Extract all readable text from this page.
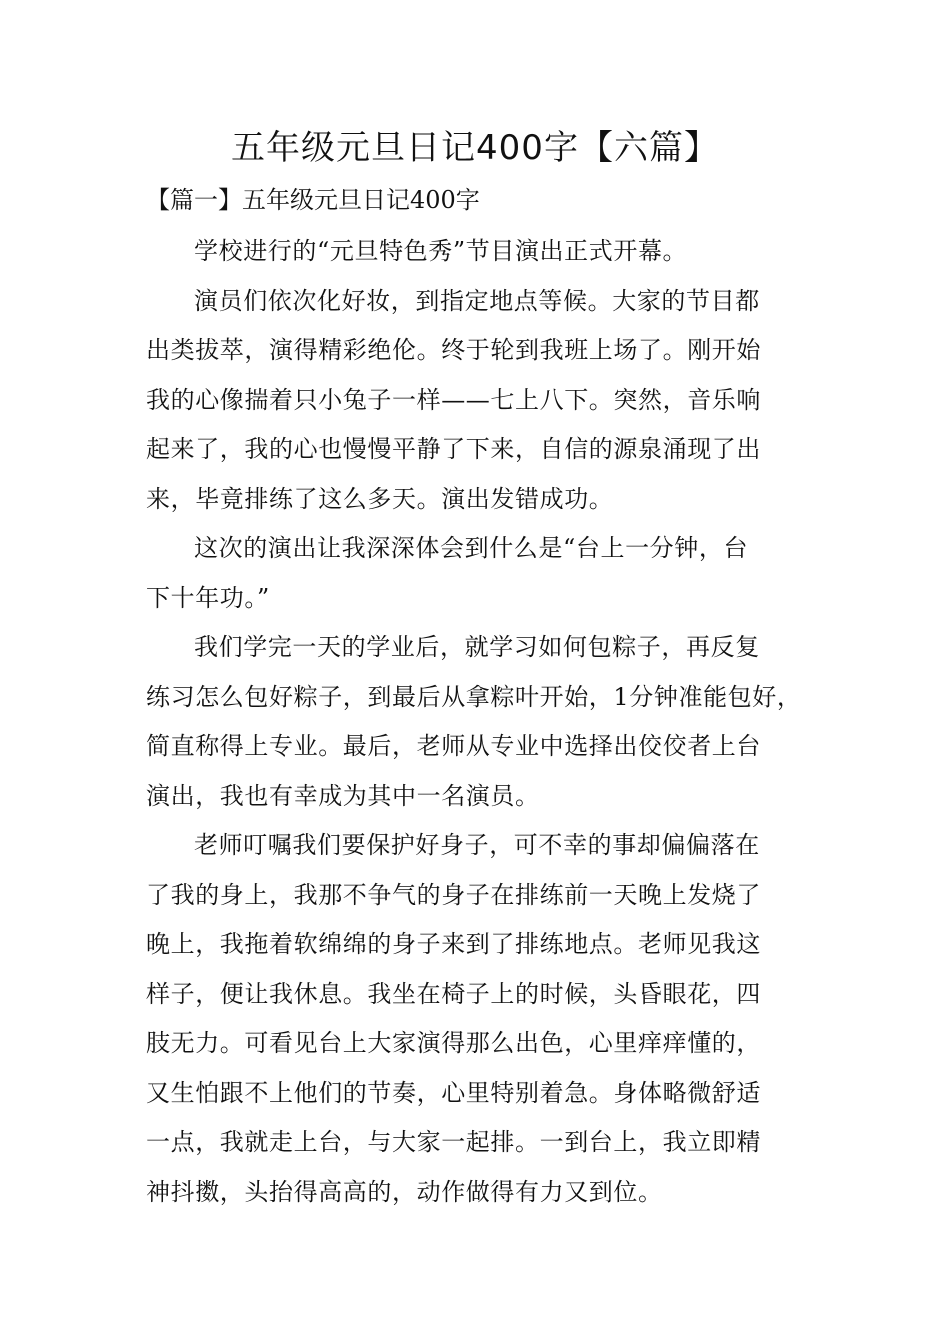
五年级元旦日记400字【六篇】
【篇一】五年级元旦日记400字

学校进行的“元旦特色秀”节目演出正式开幕。

演员们依次化好妆，到指定地点等候。大家的节目都
出类拔萃，演得精彩绝伦。终于轮到我班上场了。刚开始
我的心像揣着只小兔子一样——七上八下。突然，音乐响
起来了，我的心也慢慢平静了下来，自信的源泉涌现了出
来，毕竟排练了这么多天。演出发错成功。

这次的演出让我深深体会到什么是“台上一分钟，台
下十年功。”

我们学完一天的学业后，就学习如何包粽子，再反复
练习怎么包好粽子，到最后从拿粽叶开始，1分钟准能包好，
简直称得上专业。最后，老师从专业中选择出佼佼者上台
演出，我也有幸成为其中一名演员。

老师叮嘱我们要保护好身子，可不幸的事却偏偏落在
了我的身上，我那不争气的身子在排练前一天晚上发烧了
晚上，我拖着软绵绵的身子来到了排练地点。老师见我这
样子，便让我休息。我坐在椅子上的时候，头昏眼花，四
肢无力。可看见台上大家演得那么出色，心里痒痒懂的，
又生怕跟不上他们的节奏，心里特别着急。身体略微舒适
一点，我就走上台，与大家一起排。一到台上，我立即精
神抖擞，头抬得高高的，动作做得有力又到位。
